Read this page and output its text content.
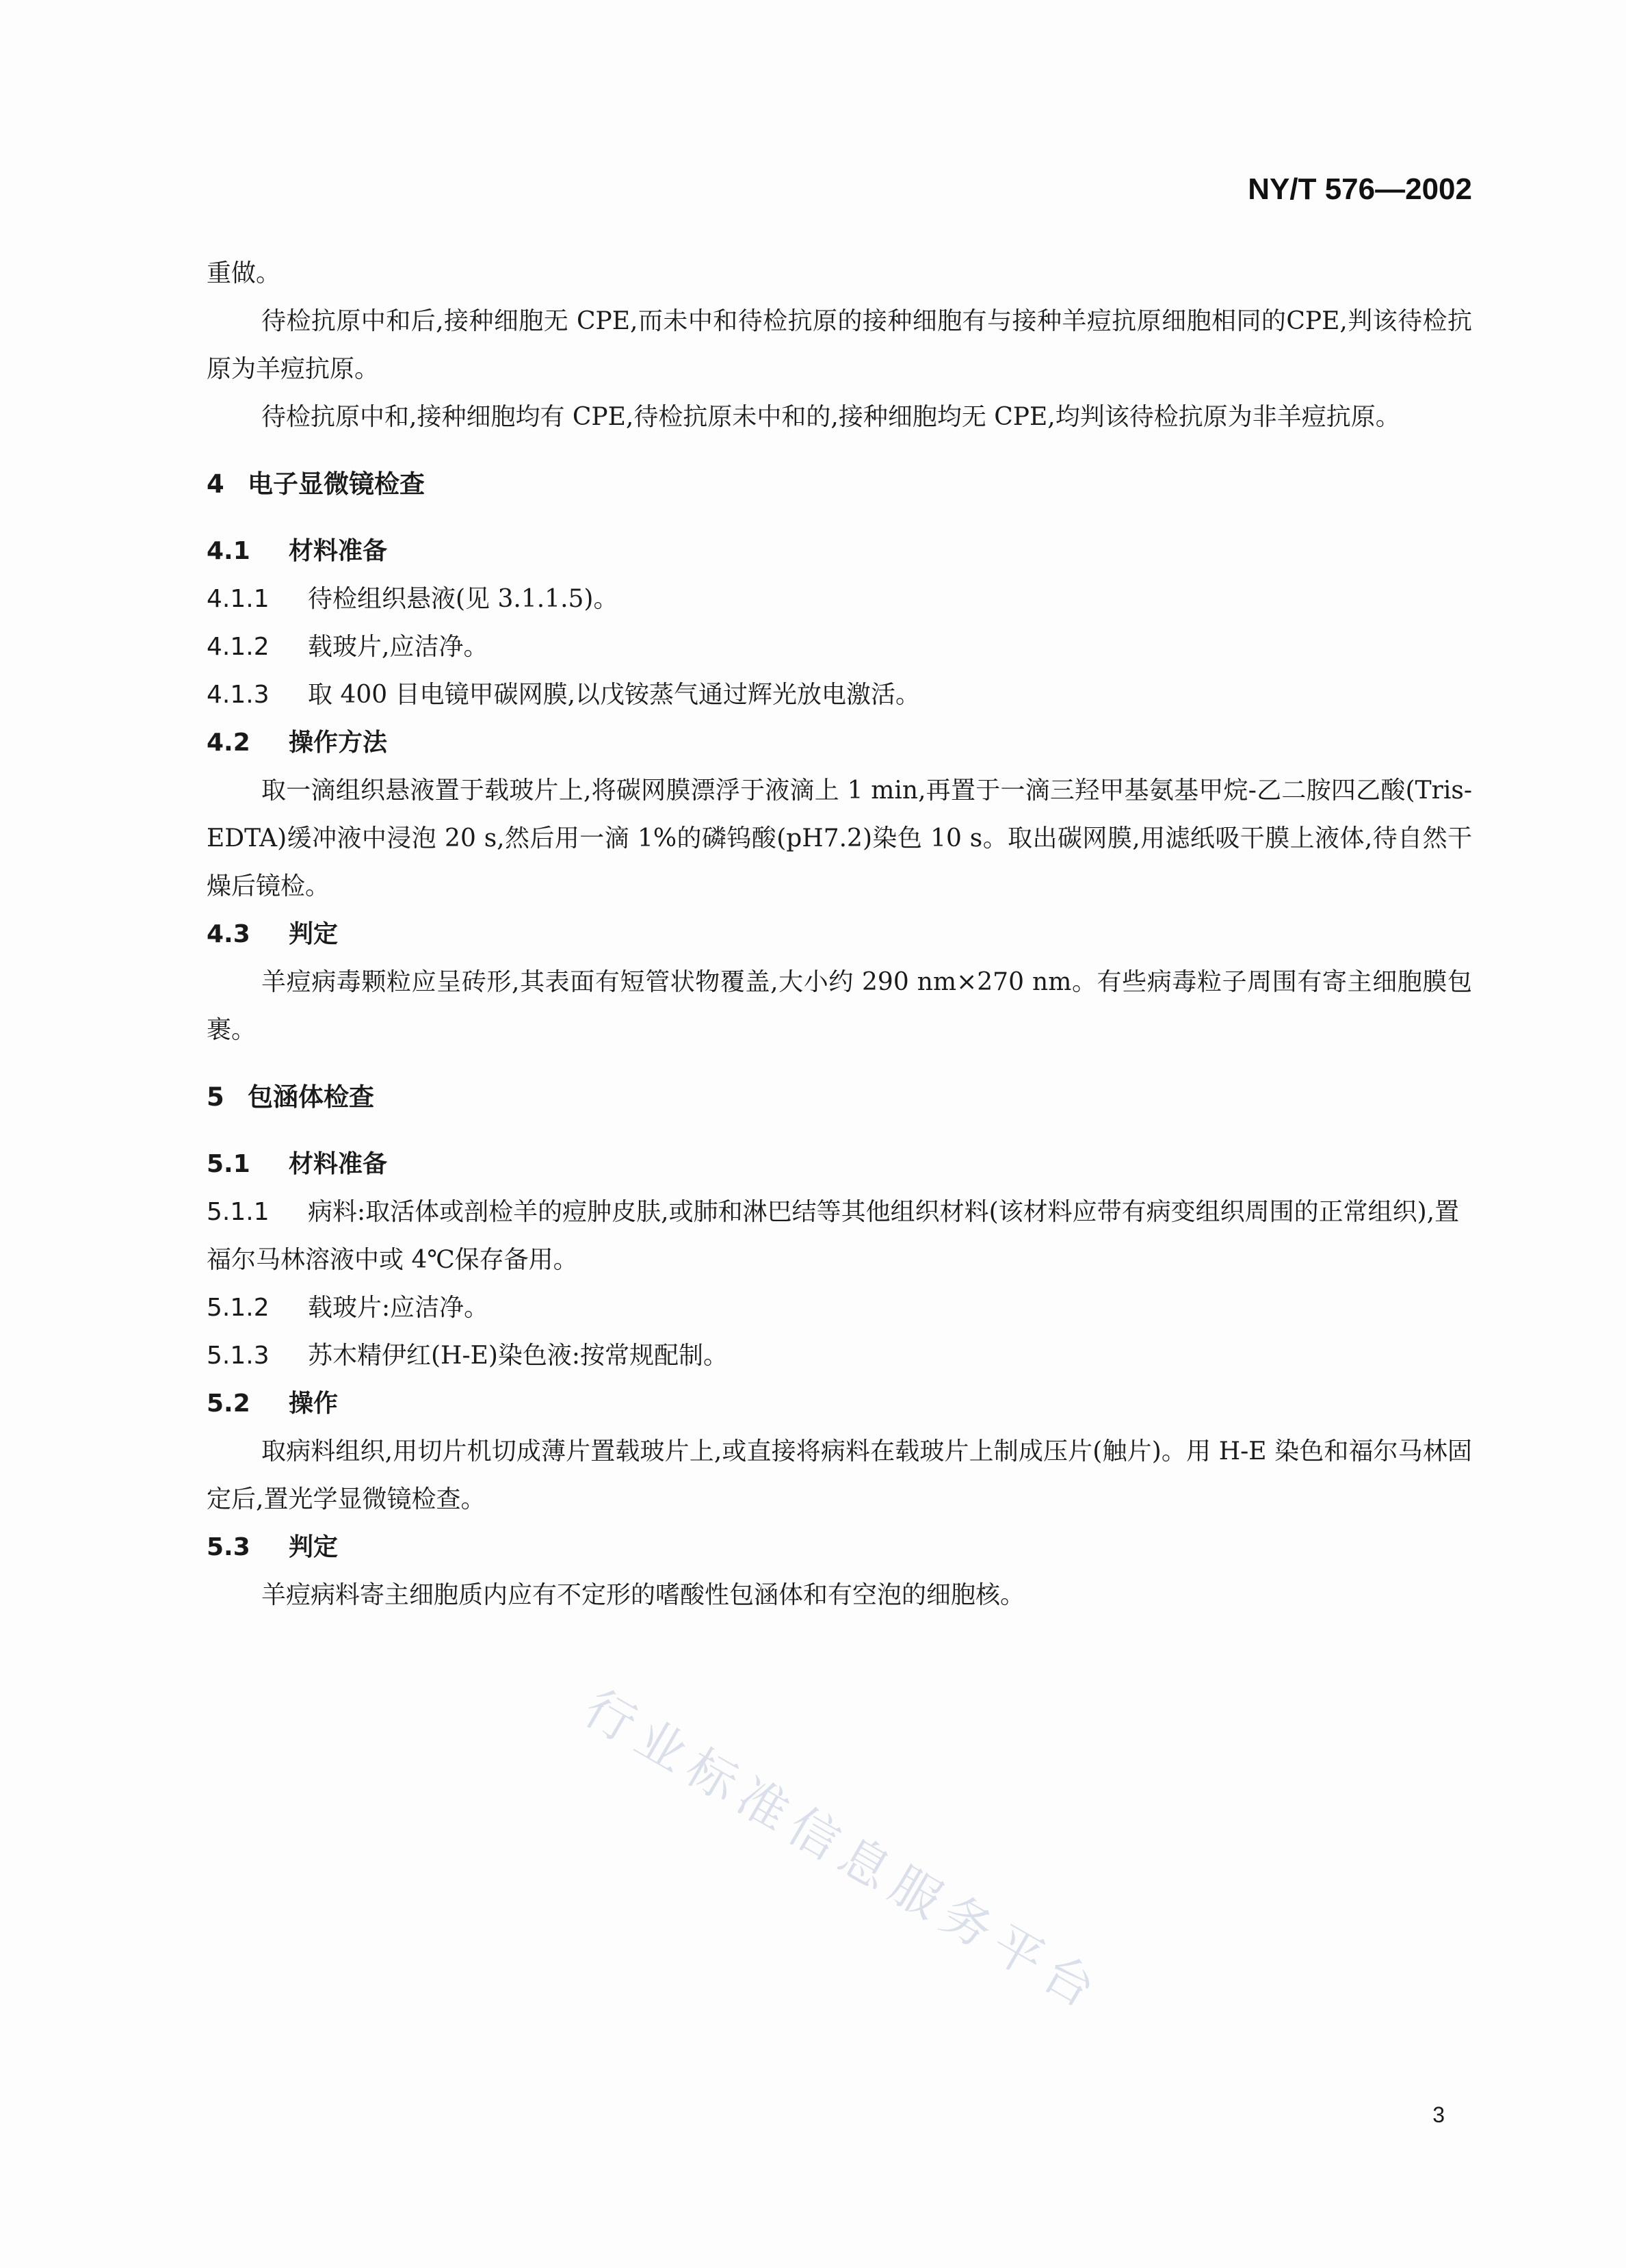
NY/T 576—2002
重做。
待检抗原中和后,接种细胞无 CPE,而未中和待检抗原的接种细胞有与接种羊痘抗原细胞相同的CPE,判该待检抗原为羊痘抗原。
待检抗原中和,接种细胞均有 CPE,待检抗原未中和的,接种细胞均无 CPE,均判该待检抗原为非羊痘抗原。
4 电子显微镜检查
4.1 材料准备
4.1.1 待检组织悬液(见 3.1.1.5)。
4.1.2 载玻片,应洁净。
4.1.3 取 400 目电镜甲碳网膜,以戊铵蒸气通过辉光放电激活。
4.2 操作方法
取一滴组织悬液置于载玻片上,将碳网膜漂浮于液滴上 1 min,再置于一滴三羟甲基氨基甲烷-乙二胺四乙酸(Tris-EDTA)缓冲液中浸泡 20 s,然后用一滴 1%的磷钨酸(pH7.2)染色 10 s。取出碳网膜,用滤纸吸干膜上液体,待自然干燥后镜检。
4.3 判定
羊痘病毒颗粒应呈砖形,其表面有短管状物覆盖,大小约 290 nm×270 nm。有些病毒粒子周围有寄主细胞膜包裹。
5 包涵体检查
5.1 材料准备
5.1.1 病料:取活体或剖检羊的痘肿皮肤,或肺和淋巴结等其他组织材料(该材料应带有病变组织周围的正常组织),置福尔马林溶液中或 4℃保存备用。
5.1.2 载玻片:应洁净。
5.1.3 苏木精伊红(H-E)染色液:按常规配制。
5.2 操作
取病料组织,用切片机切成薄片置载玻片上,或直接将病料在载玻片上制成压片(触片)。用 H-E 染色和福尔马林固定后,置光学显微镜检查。
5.3 判定
羊痘病料寄主细胞质内应有不定形的嗜酸性包涵体和有空泡的细胞核。
行业标准信息服务平台
3
